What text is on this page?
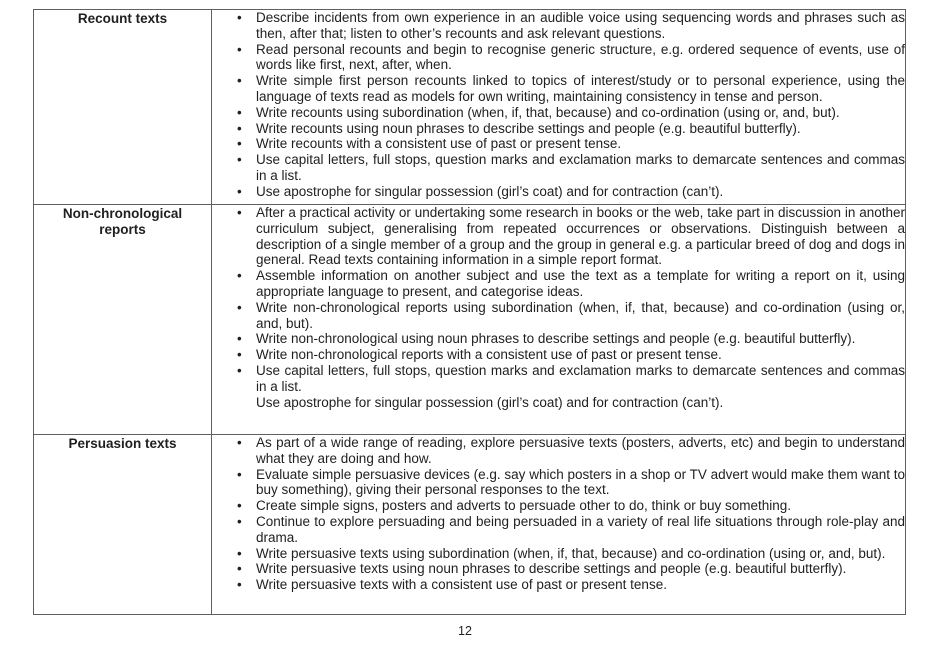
Recount texts

•Describe incidents from own experience in an audible voice using sequencing words and phrases such as then, after that; listen to other’s recounts and ask relevant questions.
• Read personal recounts and begin to recognise generic structure, e.g. ordered sequence of events, use of words like first, next, after, when.
• Write simple first person recounts linked to topics of interest/study or to personal experience, using the language of texts read as models for own writing, maintaining consistency in tense and person.
• Write recounts using subordination (when, if, that, because) and co-ordination (using or, and, but).
• Write recounts using noun phrases to describe settings and people (e.g. beautiful butterfly).
• Write recounts with a consistent use of past or present tense.
• Use capital letters, full stops, question marks and exclamation marks to demarcate sentences and commas in a list.
• Use apostrophe for singular possession (girl’s coat) and for contraction (can’t).

Non-chronological reports

• After a practical activity or undertaking some research in books or the web, take part in discussion in another curriculum subject, generalising from repeated occurrences or observations. Distinguish between a description of a single member of a group and the group in general e.g. a particular breed of dog and dogs in general. Read texts containing information in a simple report format.
• Assemble information on another subject and use the text as a template for writing a report on it, using appropriate language to present, and categorise ideas.
• Write non-chronological reports using subordination (when, if, that, because) and co-ordination (using or, and, but).
• Write non-chronological using noun phrases to describe settings and people (e.g. beautiful butterfly).
• Write non-chronological reports with a consistent use of past or present tense.
• Use capital letters, full stops, question marks and exclamation marks to demarcate sentences and commas in a list.
Use apostrophe for singular possession (girl’s coat) and for contraction (can’t).

Persuasion texts

•As part of a wide range of reading, explore persuasive texts (posters, adverts, etc) and begin to understand what they are doing and how.
• Evaluate simple persuasive devices (e.g. say which posters in a shop or TV advert would make them want to buy something), giving their personal responses to the text.
• Create simple signs, posters and adverts to persuade other to do, think or buy something.
• Continue to explore persuading and being persuaded in a variety of real life situations through role-play and drama.
• Write persuasive texts using subordination (when, if, that, because) and co-ordination (using or, and, but).
• Write persuasive texts using noun phrases to describe settings and people (e.g. beautiful butterfly).
• Write persuasive texts with a consistent use of past or present tense.
12
